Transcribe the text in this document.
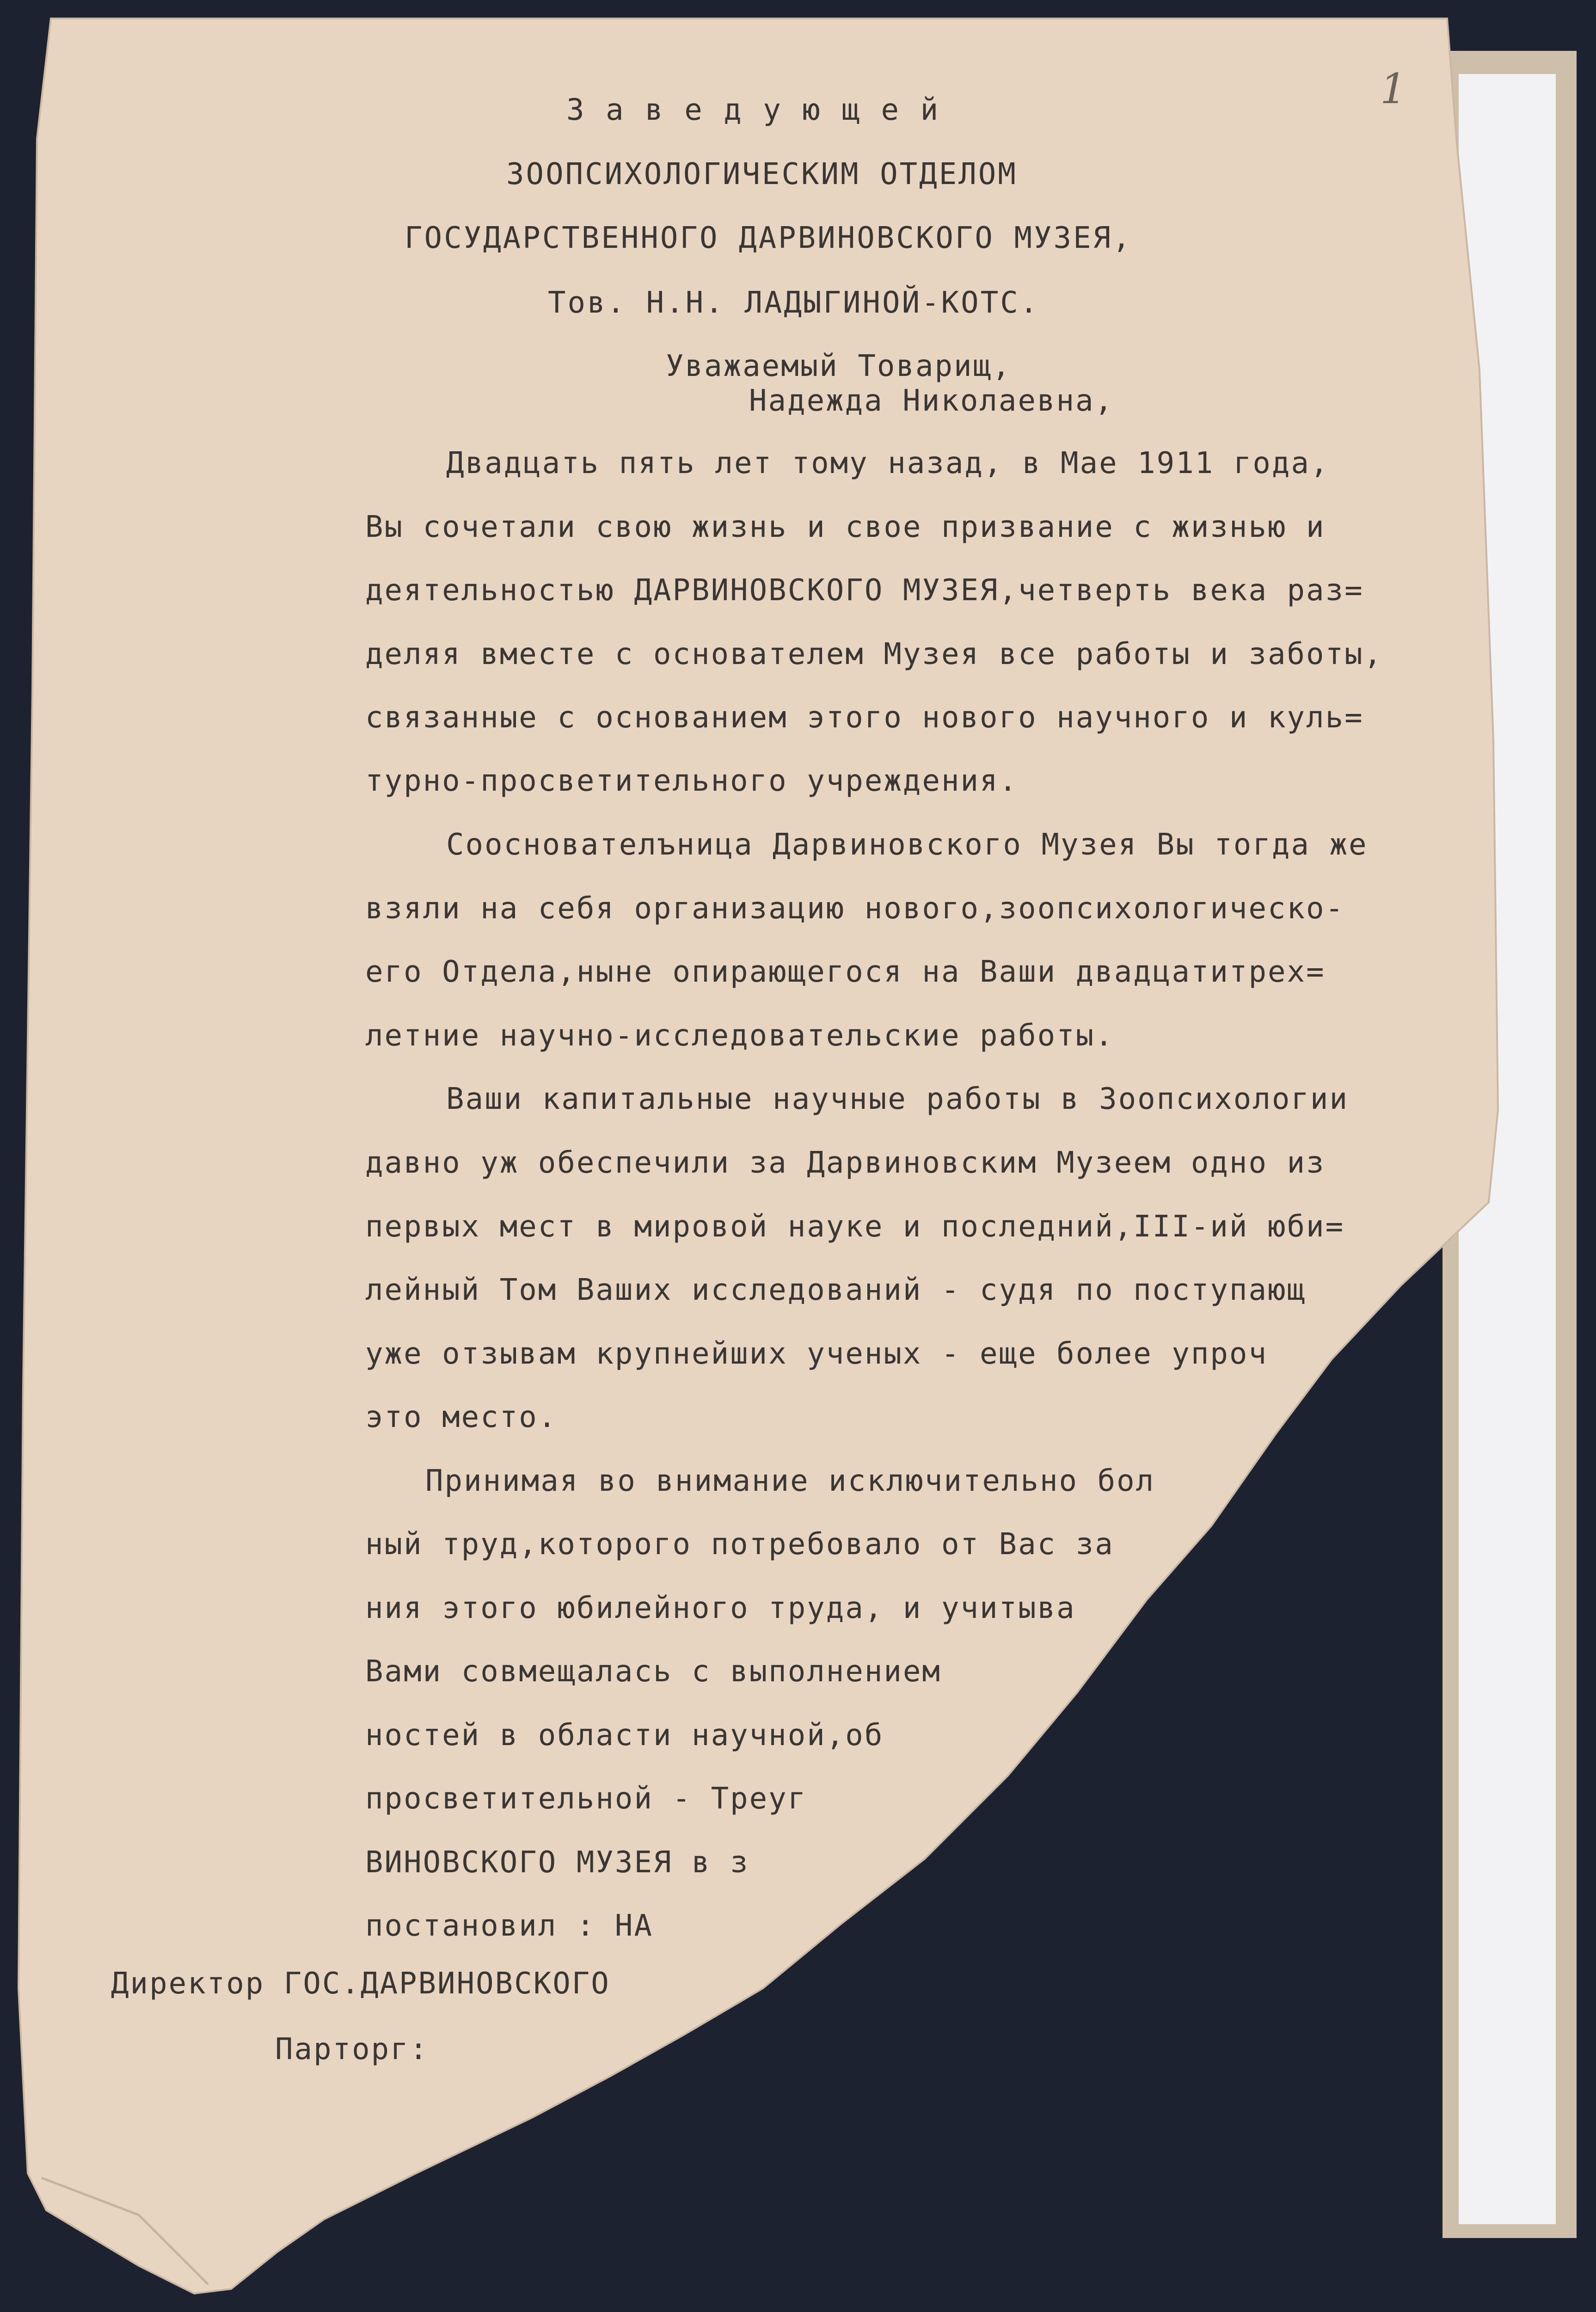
1
З а в е д у ю щ е й
ЗООПСИХОЛОГИЧЕСКИМ ОТДЕЛОМ
ГОСУДАРСТВЕННОГО ДАРВИНОВСКОГО МУЗЕЯ,
Тов. Н.Н. ЛАДЫГИНОЙ-КОТС.
Уважаемый Товарищ,
Надежда Николаевна,
Двадцать пять лет тому назад, в Мае 1911 года,
Вы сочетали свою жизнь и свое призвание с жизнью и
деятельностью ДАРВИНОВСКОГО МУЗЕЯ,четверть века раз=
деляя вместе с основателем Музея все работы и заботы,
связанные с основанием этого нового научного и куль=
турно-просветительного учреждения.
Сооснователъница Дарвиновского Музея Вы тогда же
взяли на себя организацию нового,зоопсихологическо-
его Отдела,ныне опирающегося на Ваши двадцатитрех=
летние научно-исследовательские работы.
Ваши капитальные научные работы в Зоопсихологии
давно уж обеспечили за Дарвиновским Музеем одно из
первых мест в мировой науке и последний,III-ий юби=
лейный Том Ваших исследований - судя по поступающ
уже отзывам крупнейших ученых - еще более упроч
это место.
Принимая во внимание исключительно бол
ный труд,которого потребовало от Вас за
ния этого юбилейного труда, и учитыва
Вами совмещалась с выполнением
ностей в области научной,об
просветительной - Треуг
ВИНОВСКОГО МУЗЕЯ в з
постановил : НА
Директор ГОС.ДАРВИНОВСКОГО
Парторг:
